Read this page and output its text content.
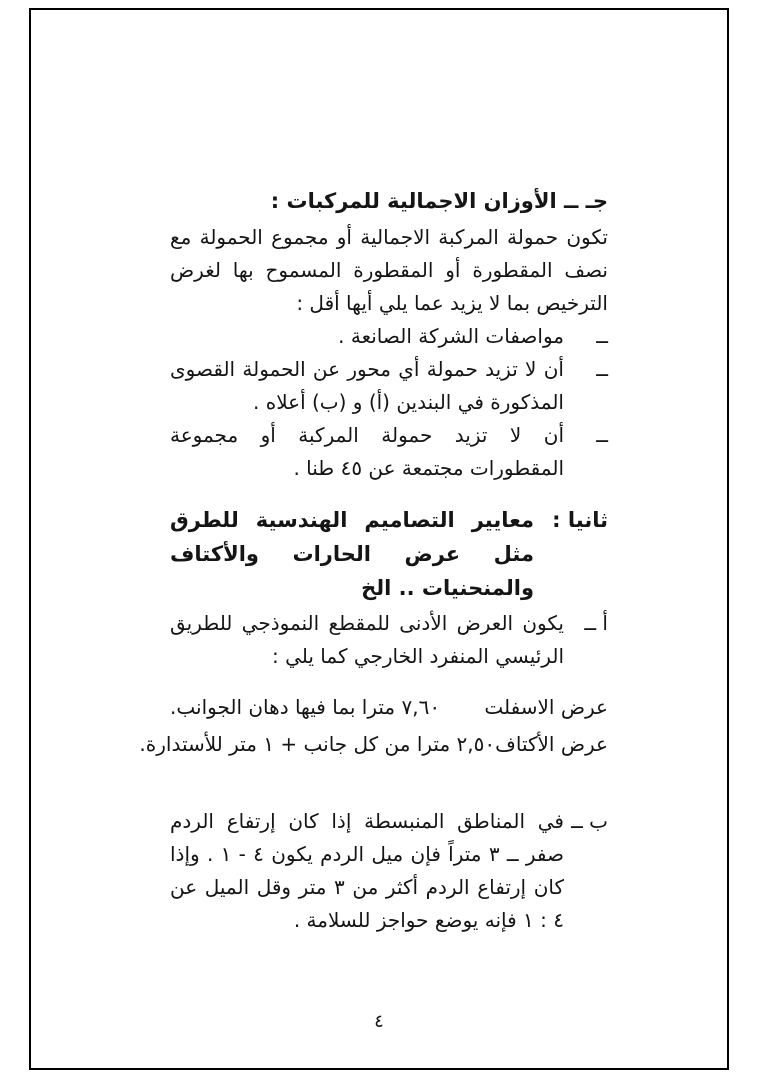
جـ ــ الأوزان الاجمالية للمركبات :

تكون حمولة المركبة الاجمالية أو مجموع الحمولة مع نصف المقطورة أو المقطورة المسموح بها لغرض الترخيص بما لا يزيد عما يلي أيها أقل :

ــ
مواصفات الشركة الصانعة .
ــ
أن لا تزيد حمولة أي محور عن الحمولة القصوى المذكورة في البندين (أ) و (ب) أعلاه .
ــ
أن لا تزيد حمولة المركبة أو مجموعة المقطورات مجتمعة عن ٤٥ طنا .
ثانيا :
معايير التصاميم الهندسية للطرق مثل عرض الحارات والأكتاف والمنحنيات .. الخ
أ ــ
يكون العرض الأدنى للمقطع النموذجي للطريق الرئيسي المنفرد الخارجي كما يلي :
عرض الاسفلت
٧,٦٠ مترا بما فيها دهان الجوانب.
عرض الأكتاف
٢,٥٠ مترا من كل جانب + ١ متر للأستدارة.
ب ــ
في المناطق المنبسطة إذا كان إرتفاع الردم صفر ــ ٣ متراً فإن ميل الردم يكون ٤ - ١ . وإذا كان إرتفاع الردم أكثر من ٣ متر وقل الميل عن ٤ : ١ فإنه يوضع حواجز للسلامة .
٤
